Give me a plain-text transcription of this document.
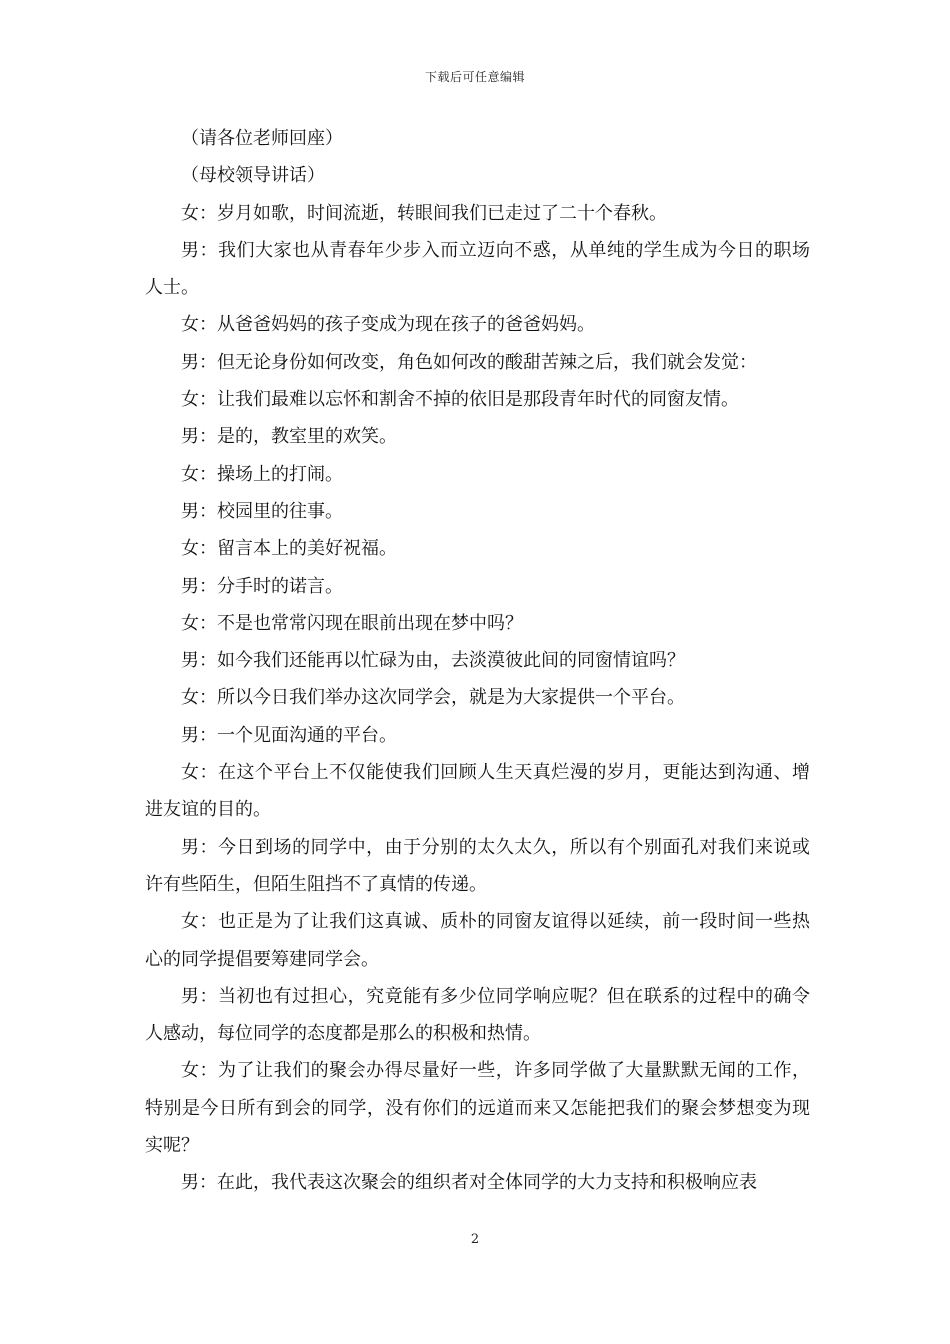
下载后可任意编辑

（请各位老师回座）

（母校领导讲话）

女：岁月如歌，时间流逝，转眼间我们已走过了二十个春秋。

男：我们大家也从青春年少步入而立迈向不惑，从单纯的学生成为今日的职场人士。

女：从爸爸妈妈的孩子变成为现在孩子的爸爸妈妈。

男：但无论身份如何改变，角色如何改的酸甜苦辣之后，我们就会发觉：

女：让我们最难以忘怀和割舍不掉的依旧是那段青年时代的同窗友情。

男：是的，教室里的欢笑。

女：操场上的打闹。

男：校园里的往事。

女：留言本上的美好祝福。

男：分手时的诺言。

女：不是也常常闪现在眼前出现在梦中吗？

男：如今我们还能再以忙碌为由，去淡漠彼此间的同窗情谊吗？

女：所以今日我们举办这次同学会，就是为大家提供一个平台。

男：一个见面沟通的平台。

女：在这个平台上不仅能使我们回顾人生天真烂漫的岁月，更能达到沟通、增进友谊的目的。

男：今日到场的同学中，由于分别的太久太久，所以有个别面孔对我们来说或许有些陌生，但陌生阻挡不了真情的传递。

女：也正是为了让我们这真诚、质朴的同窗友谊得以延续，前一段时间一些热心的同学提倡要筹建同学会。

男：当初也有过担心，究竟能有多少位同学响应呢？但在联系的过程中的确令人感动，每位同学的态度都是那么的积极和热情。

女：为了让我们的聚会办得尽量好一些，许多同学做了大量默默无闻的工作，特别是今日所有到会的同学，没有你们的远道而来又怎能把我们的聚会梦想变为现实呢？

男：在此，我代表这次聚会的组织者对全体同学的大力支持和积极响应表

2
